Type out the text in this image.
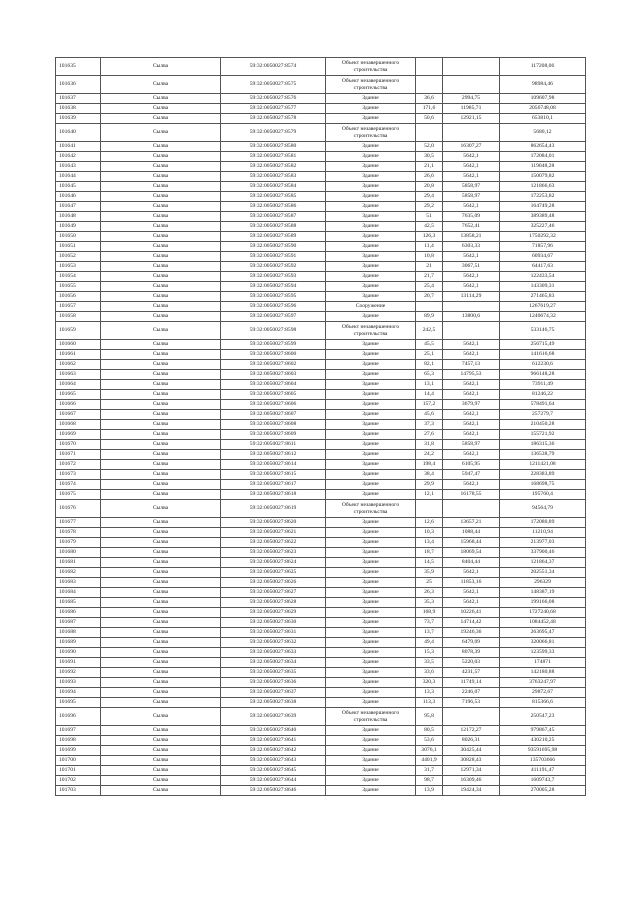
101635	Сылва	59:32:0050027:8574	Объект незавершенного строительства			117208,06
101636	Сылва	59:32:0050027:8575	Объект незавершенного строительства			98984,46
101637	Сылва	59:32:0050027:8576	Здание	36,6	2994,75	109607,98
101638	Сылва	59:32:0050027:8577	Здание	171,6	11985,71	2056748,08
101639	Сылва	59:32:0050027:8578	Здание	50,6	12921,15	653810,1
101640	Сылва	59:32:0050027:8579	Объект незавершенного строительства			5680,12
101641	Сылва	59:32:0050027:8580	Здание	52,0	16307,27	862654,43
101642	Сылва	59:32:0050027:8581	Здание	30,5	5642,1	172084,01
101643	Сылва	59:32:0050027:8582	Здание	21,1	5642,1	119048,28
101644	Сылва	59:32:0050027:8583	Здание	26,6	5642,1	150079,82
101645	Сылва	59:32:0050027:8584	Здание	20,8	5858,97	121866,63
101646	Сылва	59:32:0050027:8585	Здание	29,4	5858,97	172253,82
101647	Сылва	59:32:0050027:8586	Здание	29,2	5642,1	164749,28
101648	Сылва	59:32:0050027:8587	Здание	51	7635,09	389389,48
101649	Сылва	59:32:0050027:8588	Здание	42,5	7652,41	325227,46
101650	Сылва	59:32:0050027:8589	Здание	126,3	13858,21	1750292,32
101651	Сылва	59:32:0050027:8590	Здание	11,4	6303,33	71857,96
101652	Сылва	59:32:0050027:8591	Здание	10,8	5642,1	60934,67
101653	Сылва	59:32:0050027:8592	Здание	21	3067,51	64417,63
101654	Сылва	59:32:0050027:8593	Здание	21,7	5642,1	122433,54
101655	Сылва	59:32:0050027:8594	Здание	25,4	5642,1	143309,31
101656	Сылва	59:32:0050027:8595	Здание	20,7	13114,29	271465,83
101657	Сылва	59:32:0050027:8596	Сооружение			1267619,27
101658	Сылва	59:32:0050027:8597	Здание	89,9	13800,6	1240674,32
101659	Сылва	59:32:0050027:8598	Объект незавершенного строительства	242,5		533146,75
101660	Сылва	59:32:0050027:8599	Здание	45,5	5642,1	256715,49
101661	Сылва	59:32:0050027:8600	Здание	25,1	5642,1	141616,68
101662	Сылва	59:32:0050027:8602	Здание	82,1	7457,13	612230,6
101663	Сылва	59:32:0050027:8603	Здание	65,3	14795,53	966148,28
101664	Сылва	59:32:0050027:8604	Здание	13,1	5642,1	73911,49
101665	Сылва	59:32:0050027:8605	Здание	14,4	5642,1	81246,22
101666	Сылва	59:32:0050027:8606	Здание	157,2	3679,97	578491,64
101667	Сылва	59:32:0050027:8607	Здание	45,6	5642,1	257279,7
101668	Сылва	59:32:0050027:8608	Здание	37,3	5642,1	210450,28
101669	Сылва	59:32:0050027:8609	Здание	27,6	5642,1	155721,92
101670	Сылва	59:32:0050027:8611	Здание	31,8	5858,97	186315,36
101671	Сылва	59:32:0050027:8612	Здание	24,2	5642,1	136538,79
101672	Сылва	59:32:0050027:8614	Здание	198,4	6105,95	1211421,08
101673	Сылва	59:32:0050027:8615	Здание	38,4	5947,47	228383,89
101674	Сылва	59:32:0050027:8617	Здание	29,9	5642,1	168698,75
101675	Сылва	59:32:0050027:8618	Здание	12,1	16178,55	195760,4
101676	Сылва	59:32:0050027:8619	Объект незавершенного строительства			94564,79
101677	Сылва	59:32:0050027:8620	Здание	12,6	13657,21	172080,89
101678	Сылва	59:32:0050027:8621	Здание	10,3	1088,44	11210,94
101679	Сылва	59:32:0050027:8622	Здание	13,4	15968,44	213977,03
101680	Сылва	59:32:0050027:8623	Здание	18,7	18069,54	337900,46
101681	Сылва	59:32:0050027:8624	Здание	14,5	8404,44	121864,37
101682	Сылва	59:32:0050027:8625	Здание	35,9	5642,1	202551,34
101683	Сылва	59:32:0050027:8626	Здание	25	11853,16	296329
101684	Сылва	59:32:0050027:8627	Здание	26,3	5642,1	148387,19
101685	Сылва	59:32:0050027:8628	Здание	35,3	5642,1	199166,08
101686	Сылва	59:32:0050027:8629	Здание	168,9	10226,41	1727240,68
101687	Сылва	59:32:0050027:8630	Здание	73,7	14714,42	1084452,48
101688	Сылва	59:32:0050027:8631	Здание	13,7	19246,36	263695,47
101689	Сылва	59:32:0050027:8632	Здание	49,4	6479,09	320066,81
101690	Сылва	59:32:0050027:8633	Здание	15,3	8078,39	123599,33
101691	Сылва	59:32:0050027:8634	Здание	33,5	5220,03	174871
101692	Сылва	59:32:0050027:8635	Здание	33,6	4231,57	142180,88
101693	Сылва	59:32:0050027:8636	Здание	320,3	11749,14	3763247,97
101694	Сылва	59:32:0050027:8637	Здание	13,3	2246,07	29872,67
101695	Сылва	59:32:0050027:8638	Здание	113,3	7196,53	815366,6
101696	Сылва	59:32:0050027:8639	Объект незавершенного строительства	95,8		250547,23
101697	Сылва	59:32:0050027:8640	Здание	80,5	12172,27	979867,45
101698	Сылва	59:32:0050027:8641	Здание	53,6	8026,31	430210,25
101699	Сылва	59:32:0050027:8642	Здание	3076,1	30425,44	93591695,98
101700	Сылва	59:32:0050027:8643	Здание	4401,9	30828,43	135703666
101701	Сылва	59:32:0050027:8645	Здание	31,7	12971,34	411191,47
101702	Сылва	59:32:0050027:8644	Здание	98,7	16309,46	1609743,7
101703	Сылва	59:32:0050027:8646	Здание	13,9	19424,34	270005,28
